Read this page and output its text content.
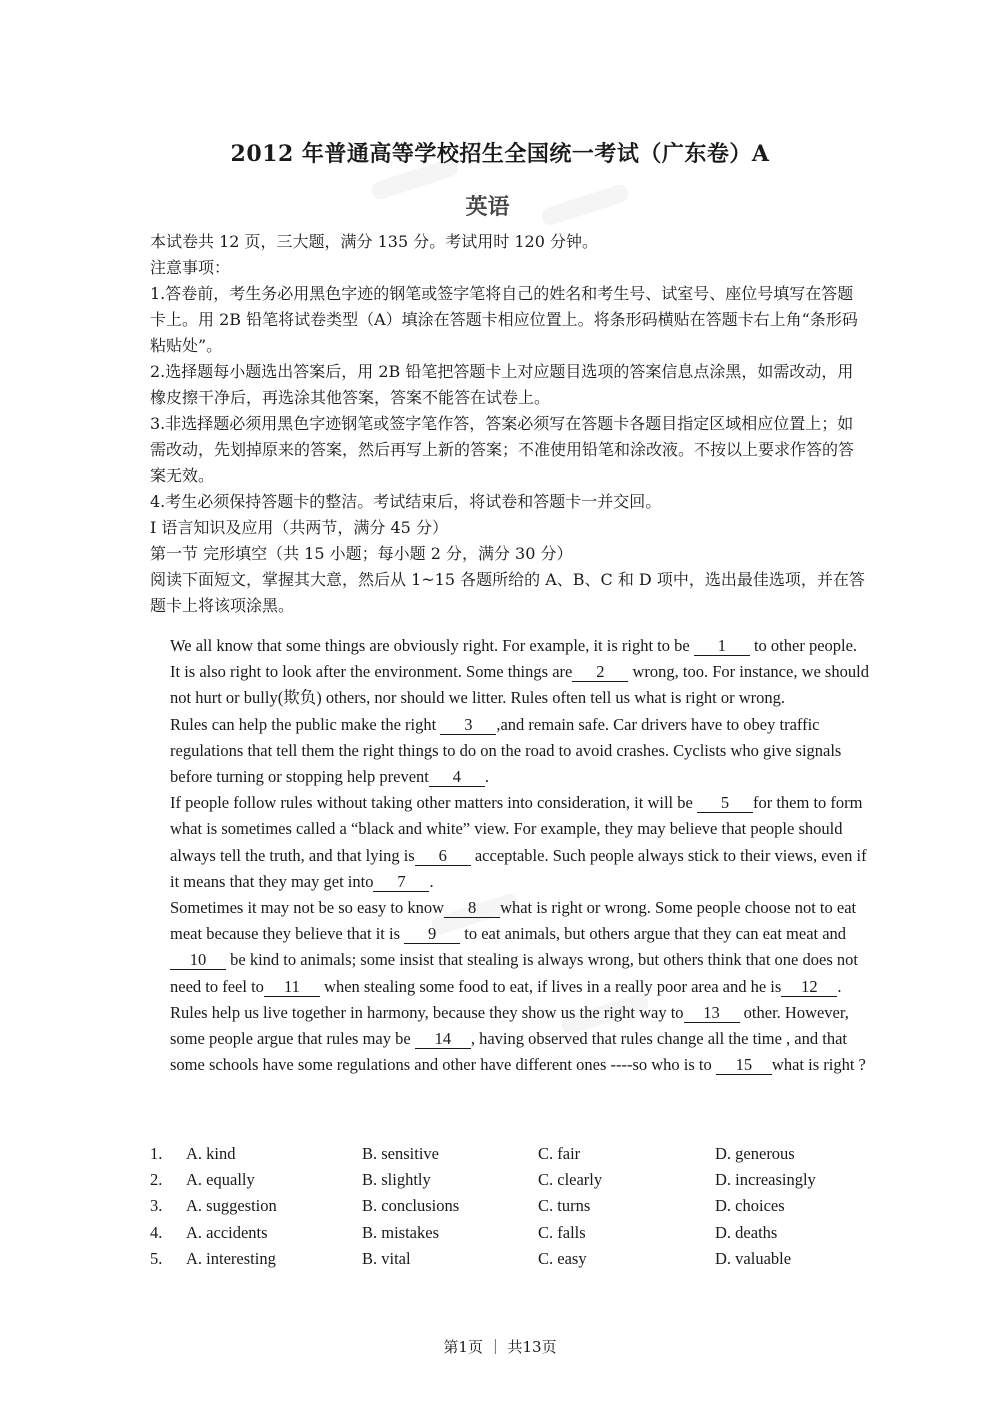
2012 年普通高等学校招生全国统一考试（广东卷）A
英语

本试卷共 12 页，三大题，满分 135 分。考试用时 120 分钟。

注意事项：

1.答卷前，考生务必用黑色字迹的钢笔或签字笔将自己的姓名和考生号、试室号、座位号填写在答题卡上。用 2B 铅笔将试卷类型（A）填涂在答题卡相应位置上。将条形码横贴在答题卡右上角“条形码粘贴处”。

2.选择题每小题选出答案后，用 2B 铅笔把答题卡上对应题目选项的答案信息点涂黑，如需改动，用橡皮擦干净后，再选涂其他答案，答案不能答在试卷上。

3.非选择题必须用黑色字迹钢笔或签字笔作答，答案必须写在答题卡各题目指定区域相应位置上；如需改动，先划掉原来的答案，然后再写上新的答案；不准使用铅笔和涂改液。不按以上要求作答的答案无效。

4.考生必须保持答题卡的整洁。考试结束后，将试卷和答题卡一并交回。

I 语言知识及应用（共两节，满分 45 分）

第一节 完形填空（共 15 小题；每小题 2 分，满分 30 分）

阅读下面短文，掌握其大意，然后从 1~15 各题所给的 A、B、C 和 D 项中，选出最佳选项，并在答题卡上将该项涂黑。

We all know that some things are obviously right. For example, it is right to be 1 to other people. It is also right to look after the environment. Some things are 2 wrong, too. For instance, we should not hurt or bully(欺负) others, nor should we litter. Rules often tell us what is right or wrong.

Rules can help the public make the right 3 ,and remain safe. Car drivers have to obey traffic regulations that tell them the right things to do on the road to avoid crashes. Cyclists who give signals before turning or stopping help prevent 4 .

If people follow rules without taking other matters into consideration, it will be 5 for them to form what is sometimes called a “black and white” view. For example, they may believe that people should always tell the truth, and that lying is 6 acceptable. Such people always stick to their views, even if it means that they may get into 7 .

Sometimes it may not be so easy to know 8 what is right or wrong. Some people choose not to eat meat because they believe that it is 9 to eat animals, but others argue that they can eat meat and 10 be kind to animals; some insist that stealing is always wrong, but others think that one does not need to feel to 11 when stealing some food to eat, if lives in a really poor area and he is 12 . Rules help us live together in harmony, because they show us the right way to 13 other. However, some people argue that rules may be 14 , having observed that rules change all the time , and that some schools have some regulations and other have different ones ----so who is to 15 what is right ?

1. A. kind	B. sensitive	C. fair	D. generous
2. A. equally	B. slightly	C. clearly	D. increasingly
3. A. suggestion	B. conclusions	C. turns	D. choices
4. A. accidents	B. mistakes	C. falls	D. deaths
5. A. interesting	B. vital	C. easy	D. valuable
第1页 ｜ 共13页
